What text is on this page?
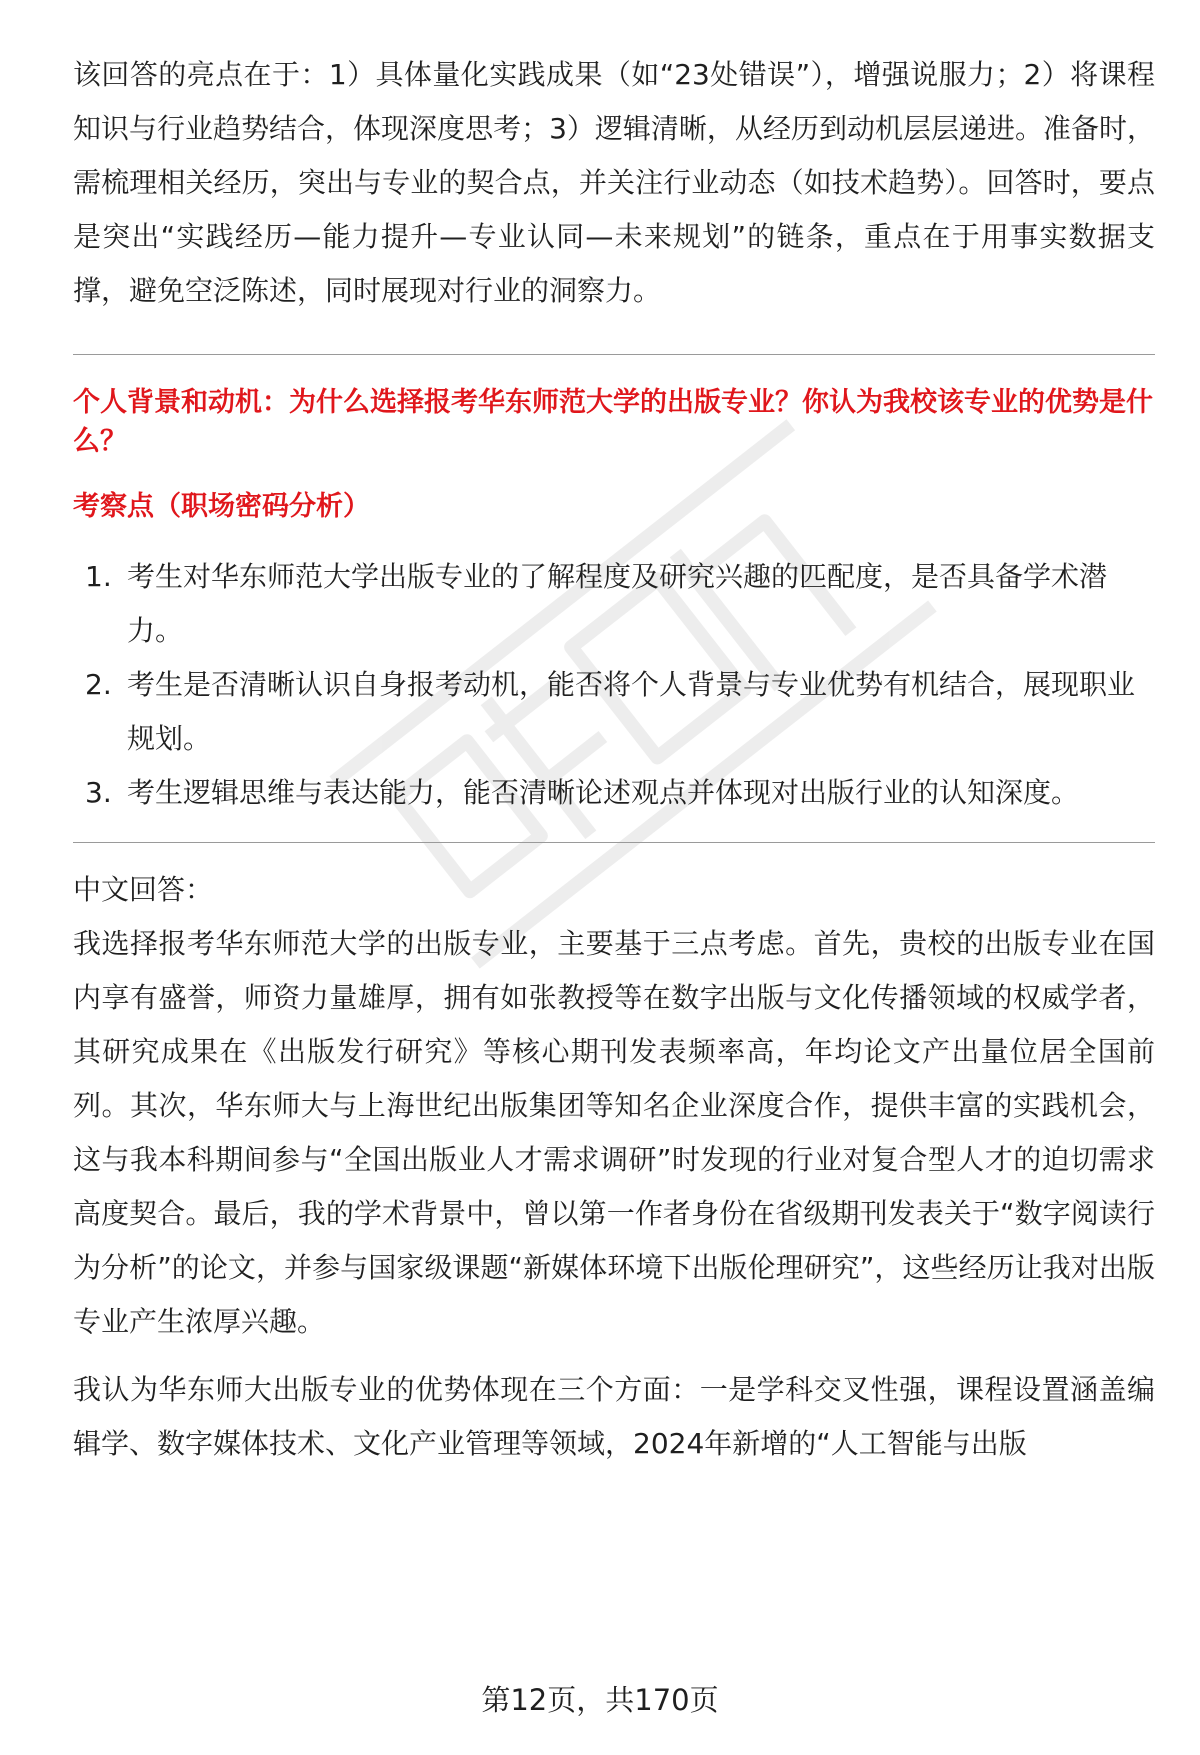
该回答的亮点在于：1）具体量化实践成果（如“23处错误”），增强说服力；2）将课程知识与行业趋势结合，体现深度思考；3）逻辑清晰，从经历到动机层层递进。准备时，需梳理相关经历，突出与专业的契合点，并关注行业动态（如技术趋势）。回答时，要点是突出“实践经历—能力提升—专业认同—未来规划”的链条，重点在于用事实数据支撑，避免空泛陈述，同时展现对行业的洞察力。

个人背景和动机：为什么选择报考华东师范大学的出版专业？你认为我校该专业的优势是什么？
考察点（职场密码分析）
1. 考生对华东师范大学出版专业的了解程度及研究兴趣的匹配度，是否具备学术潜力。
2. 考生是否清晰认识自身报考动机，能否将个人背景与专业优势有机结合，展现职业规划。
3. 考生逻辑思维与表达能力，能否清晰论述观点并体现对出版行业的认知深度。

中文回答：

我选择报考华东师范大学的出版专业，主要基于三点考虑。首先，贵校的出版专业在国内享有盛誉，师资力量雄厚，拥有如张教授等在数字出版与文化传播领域的权威学者，其研究成果在《出版发行研究》等核心期刊发表频率高，年均论文产出量位居全国前列。其次，华东师大与上海世纪出版集团等知名企业深度合作，提供丰富的实践机会，这与我本科期间参与“全国出版业人才需求调研”时发现的行业对复合型人才的迫切需求高度契合。最后，我的学术背景中，曾以第一作者身份在省级期刊发表关于“数字阅读行为分析”的论文，并参与国家级课题“新媒体环境下出版伦理研究”，这些经历让我对出版专业产生浓厚兴趣。

我认为华东师大出版专业的优势体现在三个方面：一是学科交叉性强，课程设置涵盖编辑学、数字媒体技术、文化产业管理等领域，2024年新增的“人工智能与出版

第12页，共170页
